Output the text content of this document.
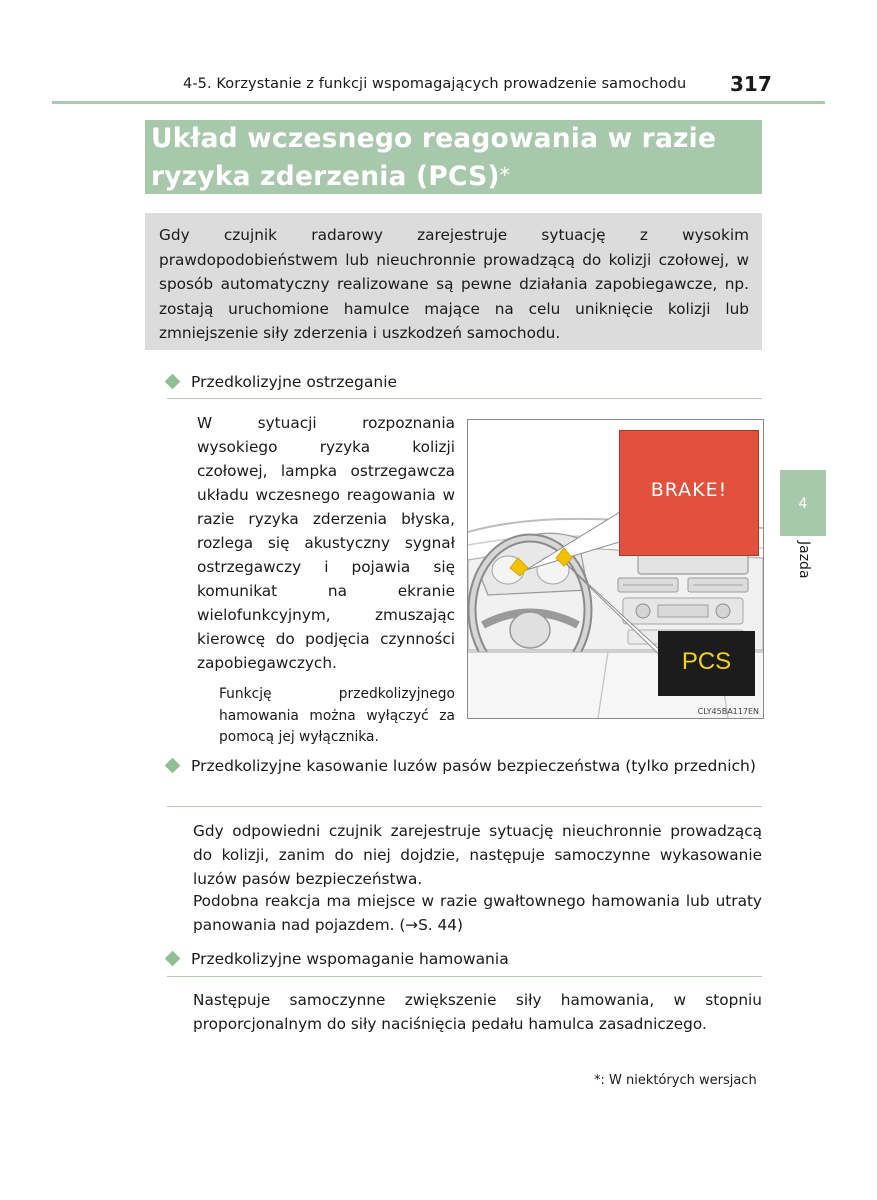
4-5. Korzystanie z funkcji wspomagających prowadzenie samochodu 317
Układ wczesnego reagowania w razie
ryzyka zderzenia (PCS)*

Gdy czujnik radarowy zarejestruje sytuację z wysokim prawdopodobieństwem lub nieuchronnie prowadzącą do kolizji czołowej, w sposób automatyczny realizowane są pewne działania zapobiegawcze, np. zostają uruchomione hamulce mające na celu uniknięcie kolizji lub zmniejszenie siły zderzenia i uszkodzeń samochodu.

Przedkolizyjne ostrzeganie

W sytuacji rozpoznania wysokiego ryzyka kolizji czołowej, lampka ostrzegawcza układu wczesnego reagowania w razie ryzyka zderzenia błyska, rozlega się akustyczny sygnał ostrzegawczy i pojawia się komunikat na ekranie wielofunkcyjnym, zmuszając kierowcę do podjęcia czynności zapobiegawczych.

Funkcję przedkolizyjnego hamowania można wyłączyć za pomocą jej wyłącznika.

BRAKE!
PCS
CLY45BA117EN
Przedkolizyjne kasowanie luzów pasów bezpieczeństwa (tylko przednich)

Gdy odpowiedni czujnik zarejestruje sytuację nieuchronnie prowadzącą do kolizji, zanim do niej dojdzie, następuje samoczynne wykasowanie luzów pasów bezpieczeństwa.

Podobna reakcja ma miejsce w razie gwałtownego hamowania lub utraty panowania nad pojazdem. (→S. 44)

Przedkolizyjne wspomaganie hamowania

Następuje samoczynne zwiększenie siły hamowania, w stopniu proporcjonalnym do siły naciśnięcia pedału hamulca zasadniczego.

4
Jazda
*: W niektórych wersjach
